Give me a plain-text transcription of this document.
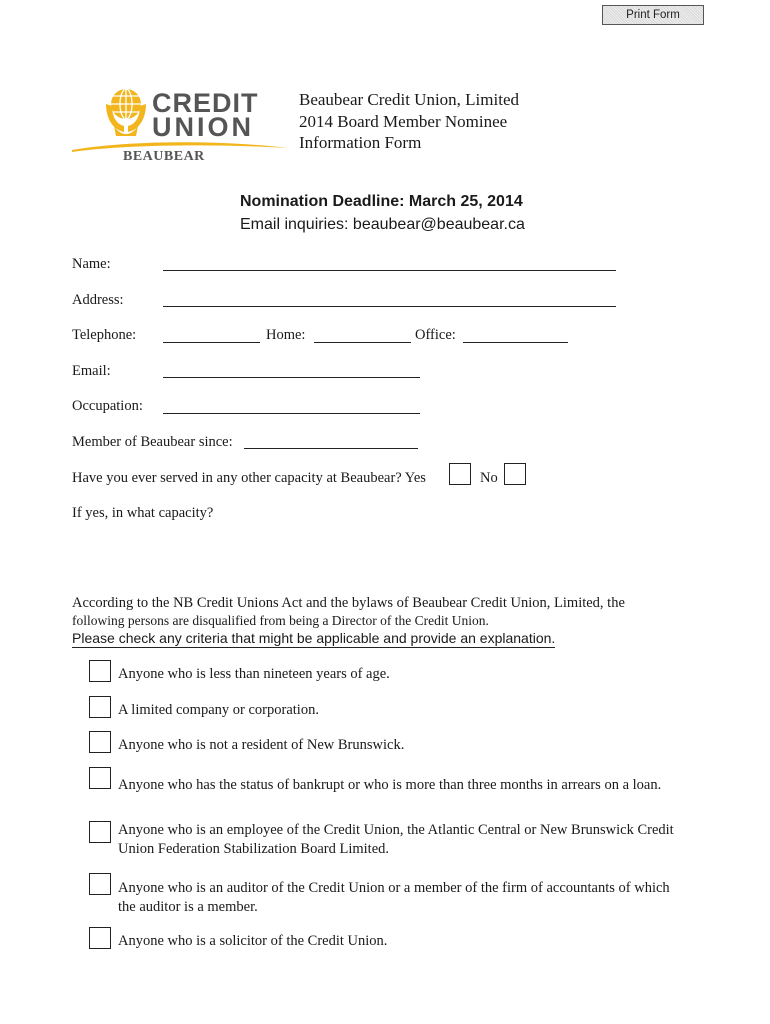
Print Form
CREDIT
UNION
BEAUBEAR
Beaubear Credit Union, Limited
2014 Board Member Nominee
Information Form
Nomination Deadline: March 25, 2014
Email inquiries: beaubear@beaubear.ca
Name:
Address:
Telephone:	Home:	Office:
Email:
Occupation:
Member of Beaubear since:
Have you ever served in any other capacity at Beaubear? Yes	No
If yes, in what capacity?
According to the NB Credit Unions Act and the bylaws of Beaubear Credit Union, Limited, the
following persons are disqualified from being a Director of the Credit Union.
Please check any criteria that might be applicable and provide an explanation.
Anyone who is less than nineteen years of age.
A limited company or corporation.
Anyone who is not a resident of New Brunswick.
Anyone who has the status of bankrupt or who is more than three months in arrears on a loan.
Anyone who is an employee of the Credit Union, the Atlantic Central or New Brunswick Credit
Union Federation Stabilization Board Limited.
Anyone who is an auditor of the Credit Union or a member of the firm of accountants of which
the auditor is a member.
Anyone who is a solicitor of the Credit Union.
